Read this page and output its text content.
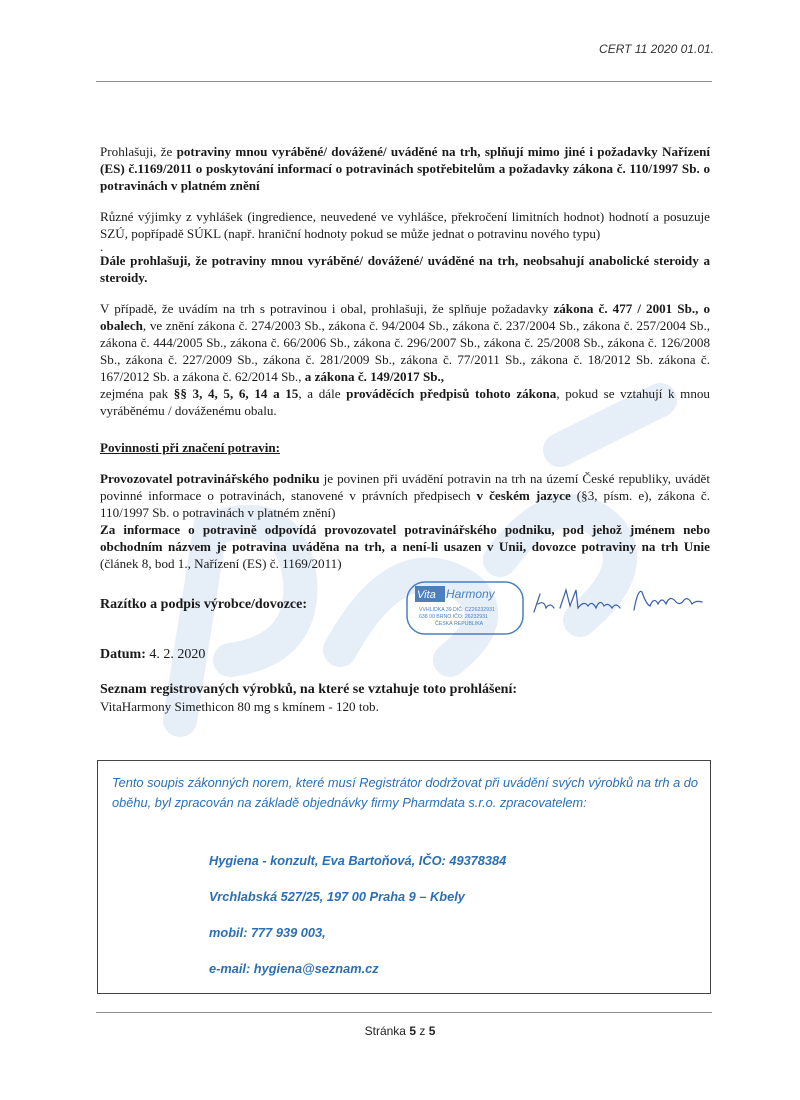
CERT 11 2020 01.01.

Prohlašuji, že potraviny mnou vyráběné/ dovážené/ uváděné na trh, splňují mimo jiné i požadavky Nařízení (ES) č.1169/2011 o poskytování informací o potravinách spotřebitelům a požadavky zákona č. 110/1997 Sb. o potravinách v platném znění

Různé výjimky z vyhlášek (ingredience, neuvedené ve vyhlášce, překročení limitních hodnot) hodnotí a posuzuje SZÚ, popřípadě SÚKL (např. hraniční hodnoty pokud se může jednat o potravinu nového typu)

.

Dále prohlašuji, že potraviny mnou vyráběné/ dovážené/ uváděné na trh, neobsahují anabolické steroidy a steroidy.

V případě, že uvádím na trh s potravinou i obal, prohlašuji, že splňuje požadavky zákona č. 477 / 2001 Sb., o obalech, ve znění zákona č. 274/2003 Sb., zákona č. 94/2004 Sb., zákona č. 237/2004 Sb., zákona č. 257/2004 Sb., zákona č. 444/2005 Sb., zákona č. 66/2006 Sb., zákona č. 296/2007 Sb., zákona č. 25/2008 Sb., zákona č. 126/2008 Sb., zákona č. 227/2009 Sb., zákona č. 281/2009 Sb., zákona č. 77/2011 Sb., zákona č. 18/2012 Sb. zákona č. 167/2012 Sb. a zákona č. 62/2014 Sb., a zákona č. 149/2017 Sb.,
zejména pak §§ 3, 4, 5, 6, 14 a 15, a dále prováděcích předpisů tohoto zákona, pokud se vztahují k mnou vyráběnému / dováženému obalu.

Povinnosti při značení potravin:

Provozovatel potravinářského podniku je povinen při uvádění potravin na trh na území České republiky, uvádět povinné informace o potravinách, stanovené v právních předpisech v českém jazyce (§3, písm. e), zákona č. 110/1997 Sb. o potravinách v platném znění)
Za informace o potravině odpovídá provozovatel potravinářského podniku, pod jehož jménem nebo obchodním názvem je potravina uváděna na trh, a není-li usazen v Unii, dovozce potraviny na trh Unie (článek 8, bod 1., Nařízení (ES) č. 1169/2011)

Razítko a podpis výrobce/dovozce:
Vita Harmony
VVHLIDKA 39 DIČ: CZ26232931
638 00 BRNO IČO: 26232931
ČESKÁ REPUBLIKA

Datum: 4. 2. 2020

Seznam registrovaných výrobků, na které se vztahuje toto prohlášení:

VitaHarmony Simethicon 80 mg s kmínem - 120 tob.

Tento soupis zákonných norem, které musí Registrátor dodržovat při uvádění svých výrobků na trh a do oběhu, byl zpracován na základě objednávky firmy Pharmdata s.r.o. zpracovatelem:
Hygiena - konzult, Eva Bartoňová, IČO: 49378384
Vrchlabská 527/25, 197 00 Praha 9 – Kbely
mobil: 777 939 003,
e-mail: hygiena@seznam.cz
Stránka 5 z 5
